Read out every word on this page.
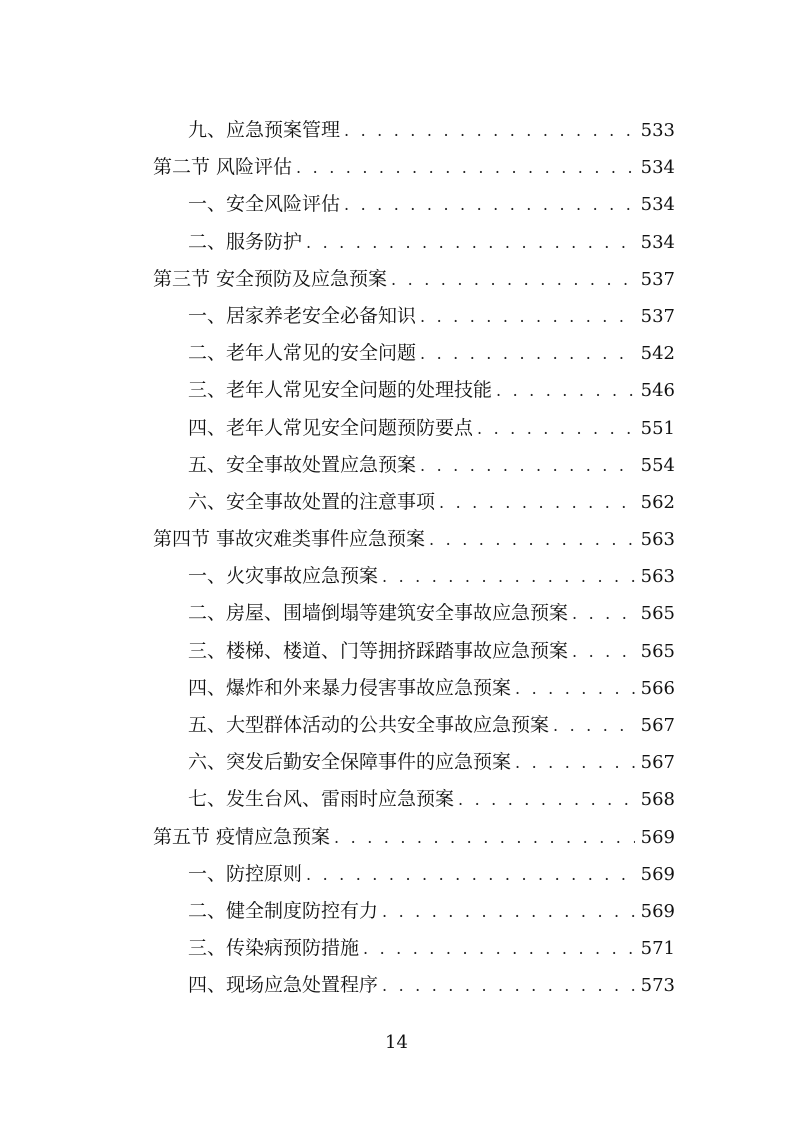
九、应急预案管理 . . .	533
第二节 风险评估 . . .	534
一、安全风险评估 . . .	534
二、服务防护 . . .	534
第三节 安全预防及应急预案 . . .	537
一、居家养老安全必备知识 . . .	537
二、老年人常见的安全问题 . . .	542
三、老年人常见安全问题的处理技能 . . .	546
四、老年人常见安全问题预防要点 . . .	551
五、安全事故处置应急预案 . . .	554
六、安全事故处置的注意事项 . . .	562
第四节 事故灾难类事件应急预案 . . .	563
一、火灾事故应急预案 . . .	563
二、房屋、围墙倒塌等建筑安全事故应急预案 . . .	565
三、楼梯、楼道、门等拥挤踩踏事故应急预案 . . .	565
四、爆炸和外来暴力侵害事故应急预案 . . .	566
五、大型群体活动的公共安全事故应急预案 . . .	567
六、突发后勤安全保障事件的应急预案 . . .	567
七、发生台风、雷雨时应急预案 . . .	568
第五节 疫情应急预案 . . .	569
一、防控原则 . . .	569
二、健全制度防控有力 . . .	569
三、传染病预防措施 . . .	571
四、现场应急处置程序 . . .	573
14
